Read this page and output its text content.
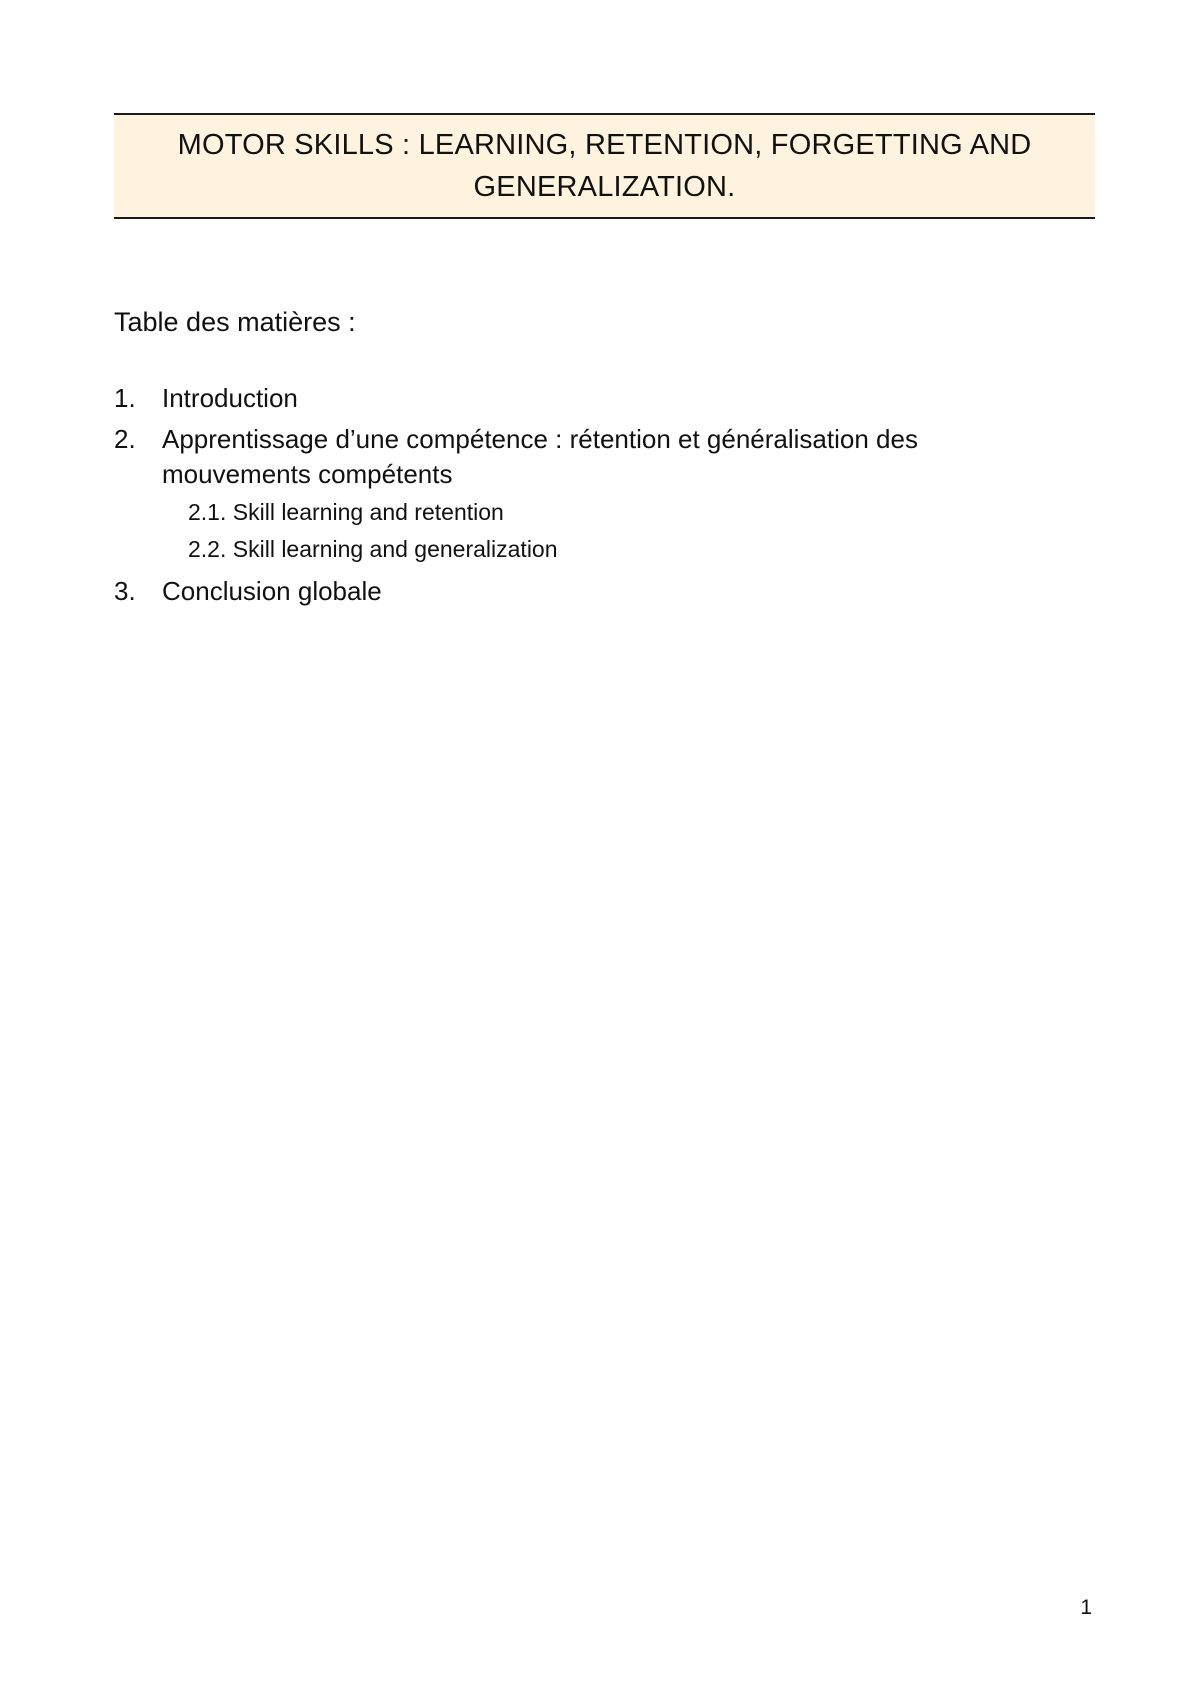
MOTOR SKILLS : LEARNING, RETENTION, FORGETTING AND GENERALIZATION.
Table des matières :
1. Introduction
2. Apprentissage d’une compétence : rétention et généralisation des mouvements compétents
2.1. Skill learning and retention
2.2. Skill learning and generalization
3. Conclusion globale
1
